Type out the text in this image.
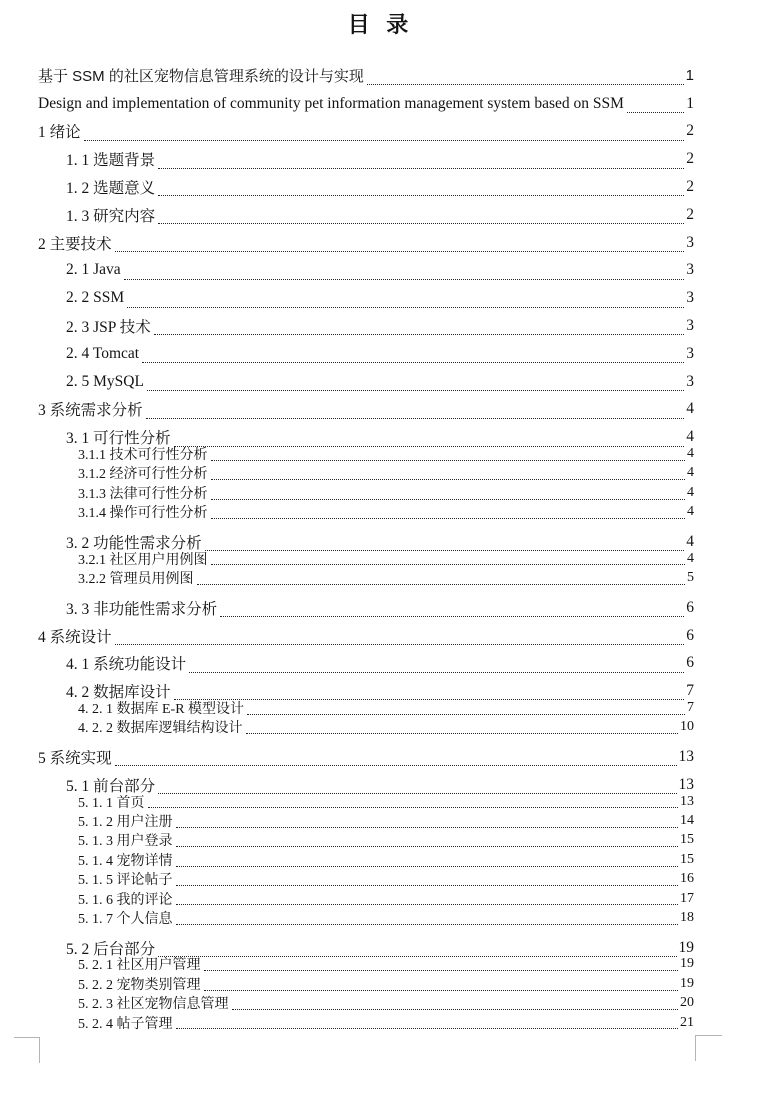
目 录
基于 SSM 的社区宠物信息管理系统的设计与实现	1
Design and implementation of community pet information management system based on SSM	1
1 绪论	2
1. 1 选题背景	2
1. 2 选题意义	2
1. 3 研究内容	2
2 主要技术	3
2. 1 Java	3
2. 2 SSM	3
2. 3 JSP 技术	3
2. 4 Tomcat	3
2. 5 MySQL	3
3 系统需求分析	4
3. 1 可行性分析	4
3.1.1 技术可行性分析	4
3.1.2 经济可行性分析	4
3.1.3 法律可行性分析	4
3.1.4 操作可行性分析	4
3. 2 功能性需求分析	4
3.2.1 社区用户用例图	4
3.2.2 管理员用例图	5
3. 3 非功能性需求分析	6
4 系统设计	6
4. 1 系统功能设计	6
4. 2 数据库设计	7
4. 2. 1 数据库 E-R 模型设计	7
4. 2. 2 数据库逻辑结构设计	10
5 系统实现	13
5. 1 前台部分	13
5. 1. 1 首页	13
5. 1. 2 用户注册	14
5. 1. 3 用户登录	15
5. 1. 4 宠物详情	15
5. 1. 5 评论帖子	16
5. 1. 6 我的评论	17
5. 1. 7 个人信息	18
5. 2 后台部分	19
5. 2. 1 社区用户管理	19
5. 2. 2 宠物类别管理	19
5. 2. 3 社区宠物信息管理	20
5. 2. 4 帖子管理	21
